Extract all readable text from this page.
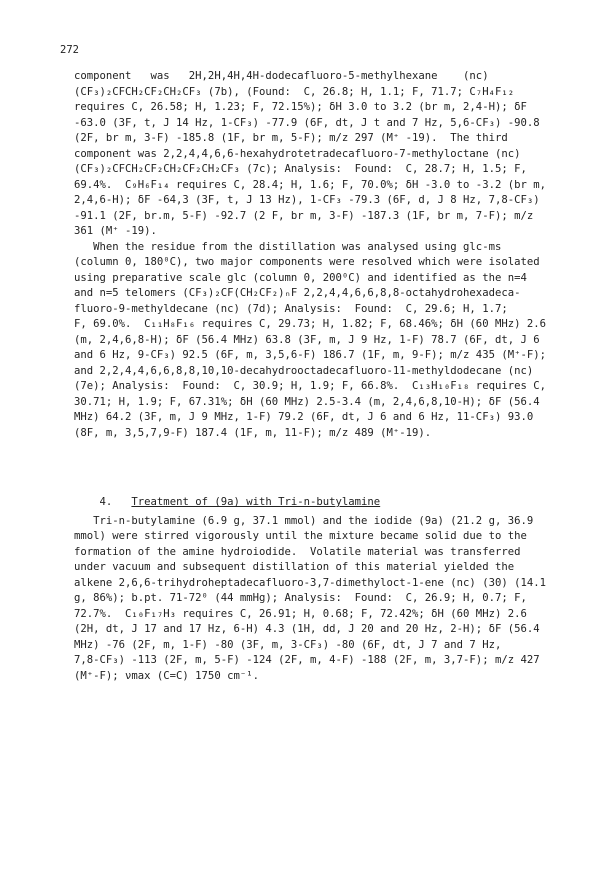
272
component   was   2H,2H,4H,4H-dodecafluoro-5-methylhexane    (nc)
(CF₃)₂CFCH₂CF₂CH₂CF₃ (7b), (Found:  C, 26.8; H, 1.1; F, 71.7; C₇H₄F₁₂
requires C, 26.58; H, 1.23; F, 72.15%); δH 3.0 to 3.2 (br m, 2,4-H); δF
-63.0 (3F, t, J 14 Hz, 1-CF₃) -77.9 (6F, dt, J t and 7 Hz, 5,6-CF₃) -90.8
(2F, br m, 3-F) -185.8 (1F, br m, 5-F); m/z 297 (M⁺ -19).  The third
component was 2,2,4,4,6,6-hexahydrotetradecafluoro-7-methyloctane (nc)
(CF₃)₂CFCH₂CF₂CH₂CF₂CH₂CF₃ (7c); Analysis:  Found:  C, 28.7; H, 1.5; F,
69.4%.  C₉H₆F₁₄ requires C, 28.4; H, 1.6; F, 70.0%; δH -3.0 to -3.2 (br m,
2,4,6-H); δF -64,3 (3F, t, J 13 Hz), 1-CF₃ -79.3 (6F, d, J 8 Hz, 7,8-CF₃)
-91.1 (2F, br.m, 5-F) -92.7 (2 F, br m, 3-F) -187.3 (1F, br m, 7-F); m/z
361 (M⁺ -19).
When the residue from the distillation was analysed using glc-ms
(column 0, 180⁰C), two major components were resolved which were isolated
using preparative scale glc (column 0, 200⁰C) and identified as the n=4
and n=5 telomers (CF₃)₂CF(CH₂CF₂)ₙF 2,2,4,4,6,6,8,8-octahydrohexadeca-
fluoro-9-methyldecane (nc) (7d); Analysis:  Found:  C, 29.6; H, 1.7;
F, 69.0%.  C₁₁H₈F₁₆ requires C, 29.73; H, 1.82; F, 68.46%; δH (60 MHz) 2.6
(m, 2,4,6,8-H); δF (56.4 MHz) 63.8 (3F, m, J 9 Hz, 1-F) 78.7 (6F, dt, J 6
and 6 Hz, 9-CF₃) 92.5 (6F, m, 3,5,6-F) 186.7 (1F, m, 9-F); m/z 435 (M⁺-F);
and 2,2,4,4,6,6,8,8,10,10-decahydrooctadecafluoro-11-methyldodecane (nc)
(7e); Analysis:  Found:  C, 30.9; H, 1.9; F, 66.8%.  C₁₃H₁₀F₁₈ requires C,
30.71; H, 1.9; F, 67.31%; δH (60 MHz) 2.5-3.4 (m, 2,4,6,8,10-H); δF (56.4
MHz) 64.2 (3F, m, J 9 MHz, 1-F) 79.2 (6F, dt, J 6 and 6 Hz, 11-CF₃) 93.0
(8F, m, 3,5,7,9-F) 187.4 (1F, m, 11-F); m/z 489 (M⁺-19).

4. Treatment of (9a) with Tri-n-butylamine

Tri-n-butylamine (6.9 g, 37.1 mmol) and the iodide (9a) (21.2 g, 36.9
mmol) were stirred vigorously until the mixture became solid due to the
formation of the amine hydroiodide.  Volatile material was transferred
under vacuum and subsequent distillation of this material yielded the
alkene 2,6,6-trihydroheptadecafluoro-3,7-dimethyloct-1-ene (nc) (30) (14.1
g, 86%); b.pt. 71-72⁰ (44 mmHg); Analysis:  Found:  C, 26.9; H, 0.7; F,
72.7%.  C₁₀F₁₇H₃ requires C, 26.91; H, 0.68; F, 72.42%; δH (60 MHz) 2.6
(2H, dt, J 17 and 17 Hz, 6-H) 4.3 (1H, dd, J 20 and 20 Hz, 2-H); δF (56.4
MHz) -76 (2F, m, 1-F) -80 (3F, m, 3-CF₃) -80 (6F, dt, J 7 and 7 Hz,
7,8-CF₃) -113 (2F, m, 5-F) -124 (2F, m, 4-F) -188 (2F, m, 3,7-F); m/z 427
(M⁺-F); νmax (C=C) 1750 cm⁻¹.
